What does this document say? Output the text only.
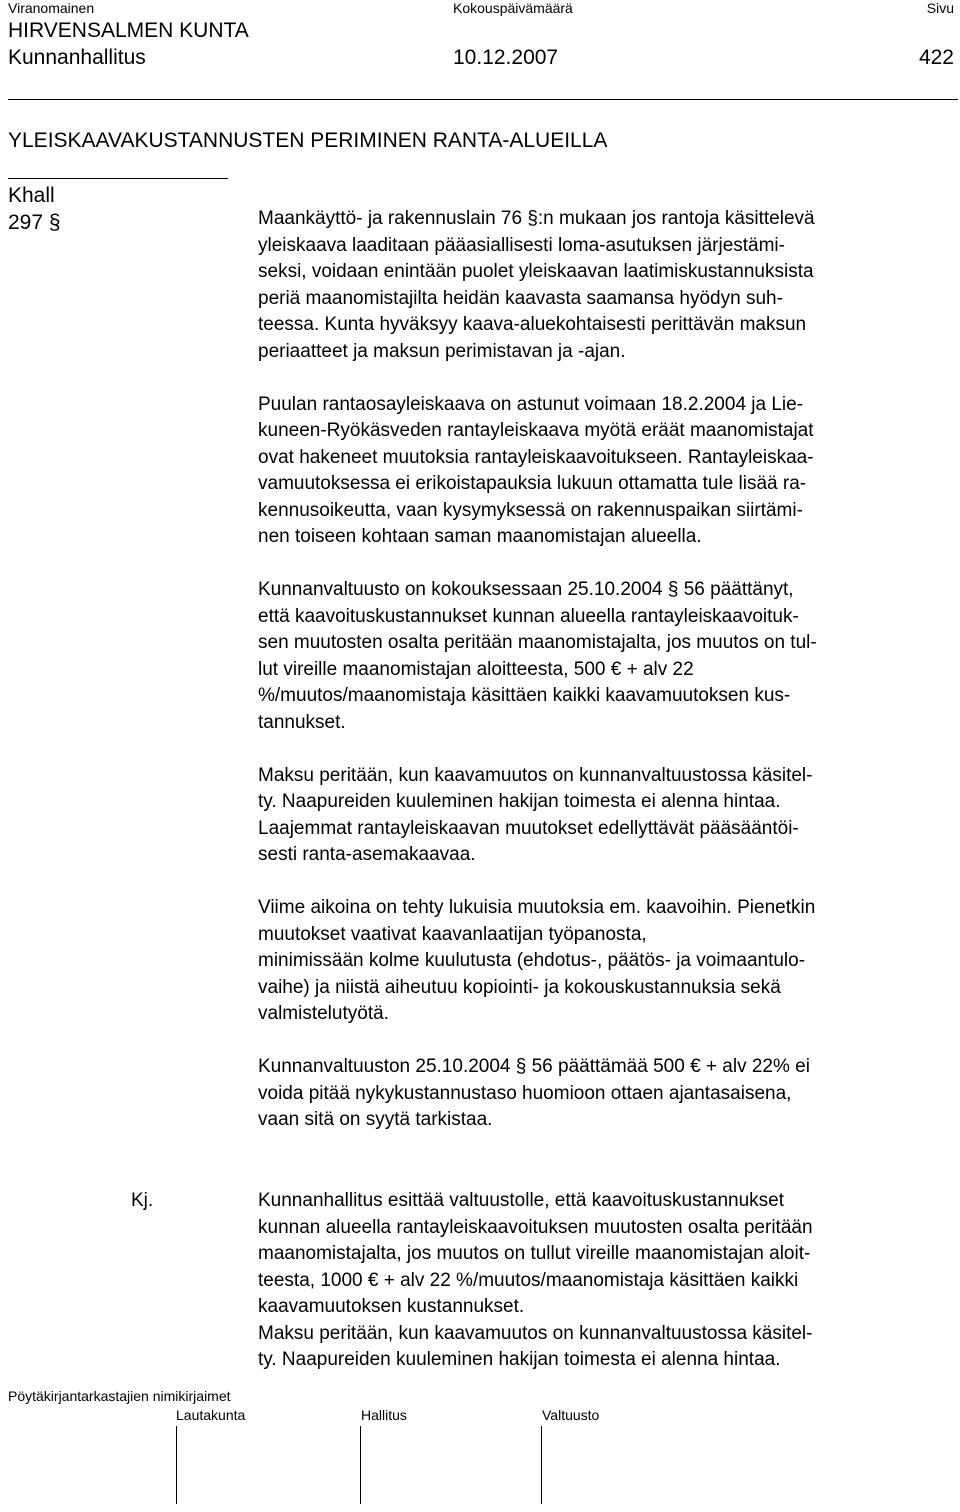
Viranomainen	Kokouspäivämäärä	Sivu
HIRVENSALMEN KUNTA
Kunnanhallitus	10.12.2007	422
YLEISKAAVAKUSTANNUSTEN PERIMINEN RANTA-ALUEILLA
Khall
297 §	Maankäyttö- ja rakennuslain 76 §:n mukaan jos rantoja käsittelevä
yleiskaava laaditaan pääasiallisesti loma-asutuksen järjestämi-
seksi, voidaan enintään puolet yleiskaavan laatimiskustannuksista
periä maanomistajilta heidän kaavasta saamansa hyödyn suh-
teessa. Kunta hyväksyy kaava-aluekohtaisesti perittävän maksun
periaatteet ja maksun perimistavan ja -ajan.

Puulan rantaosayleiskaava on astunut voimaan 18.2.2004 ja Lie-
kuneen-Ryökäsveden rantayleiskaava myötä eräät maanomistajat
ovat hakeneet muutoksia rantayleiskaavoitukseen. Rantayleiskaa-
vamuutoksessa ei erikoistapauksia lukuun ottamatta tule lisää ra-
kennusoikeutta, vaan kysymyksessä on rakennuspaikan siirtämi-
nen toiseen kohtaan saman maanomistajan alueella.

Kunnanvaltuusto on kokouksessaan 25.10.2004 § 56 päättänyt,
että kaavoituskustannukset kunnan alueella rantayleiskaavoituk-
sen muutosten osalta peritään maanomistajalta, jos muutos on tul-
lut vireille maanomistajan aloitteesta, 500 € + alv 22
%/muutos/maanomistaja käsittäen kaikki kaavamuutoksen kus-
tannukset.

Maksu peritään, kun kaavamuutos on kunnanvaltuustossa käsitel-
ty. Naapureiden kuuleminen hakijan toimesta ei alenna hintaa.
Laajemmat rantayleiskaavan muutokset edellyttävät pääsääntöi-
sesti ranta-asemakaavaa.

Viime aikoina on tehty lukuisia muutoksia em. kaavoihin. Pienetkin
muutokset vaativat kaavanlaatijan työpanosta,
minimissään kolme kuulutusta (ehdotus-, päätös- ja voimaantulo-
vaihe) ja niistä aiheutuu kopiointi- ja kokouskustannuksia sekä
valmistelutyötä.

Kunnanvaltuuston 25.10.2004 § 56 päättämää 500 € + alv 22% ei
voida pitää nykykustannustaso huomioon ottaen ajantasaisena,
vaan sitä on syytä tarkistaa.

Kj.	Kunnanhallitus esittää valtuustolle, että kaavoituskustannukset
kunnan alueella rantayleiskaavoituksen muutosten osalta peritään
maanomistajalta, jos muutos on tullut vireille maanomistajan aloit-
teesta, 1000 € + alv 22 %/muutos/maanomistaja käsittäen kaikki
kaavamuutoksen kustannukset.
Maksu peritään, kun kaavamuutos on kunnanvaltuustossa käsitel-
ty. Naapureiden kuuleminen hakijan toimesta ei alenna hintaa.

Pöytäkirjantarkastajien nimikirjaimet
Lautakunta	Hallitus	Valtuusto
